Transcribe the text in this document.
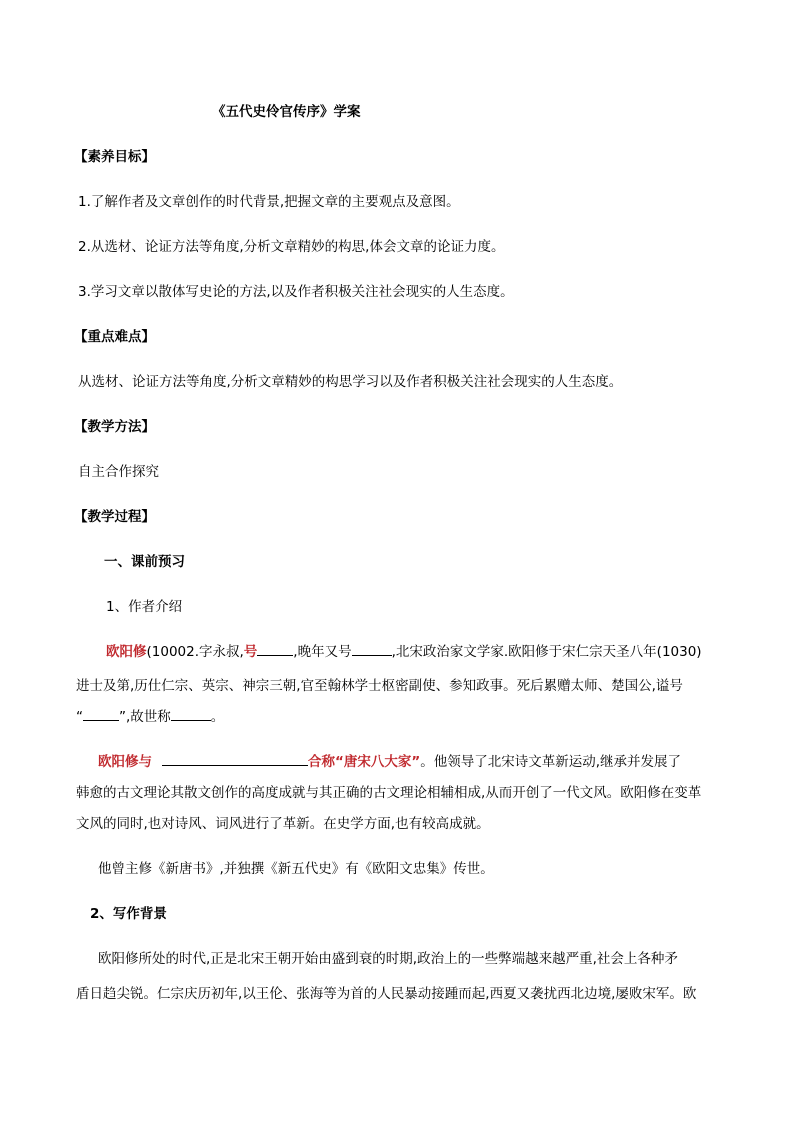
《五代史伶官传序》学案
【素养目标】
1.了解作者及文章创作的时代背景,把握文章的主要观点及意图。
2.从选材、论证方法等角度,分析文章精妙的构思,体会文章的论证力度。
3.学习文章以散体写史论的方法,以及作者积极关注社会现实的人生态度。
【重点难点】
从选材、论证方法等角度,分析文章精妙的构思学习以及作者积极关注社会现实的人生态度。
【教学方法】
自主合作探究
【教学过程】
一、课前预习
1、作者介绍
欧阳修(10002.字永叔,号	,晚年又号	,北宋政治家文学家.欧阳修于宋仁宗天圣八年(1030)
进士及第,历仕仁宗、英宗、神宗三朝,官至翰林学士枢密副使、参知政事。死后累赠太师、楚国公,谥号
“	”,故世称	。
欧阳修与	合称“唐宋八大家”。他领导了北宋诗文革新运动,继承并发展了
韩愈的古文理论其散文创作的高度成就与其正确的古文理论相辅相成,从而开创了一代文风。欧阳修在变革
文风的同时,也对诗风、词风进行了革新。在史学方面,也有较高成就。
他曾主修《新唐书》,并独撰《新五代史》有《欧阳文忠集》传世。
2、写作背景
欧阳修所处的时代,正是北宋王朝开始由盛到衰的时期,政治上的一些弊端越来越严重,社会上各种矛
盾日趋尖锐。仁宗庆历初年,以王伦、张海等为首的人民暴动接踵而起,西夏又袭扰西北边境,屡败宋军。欧
